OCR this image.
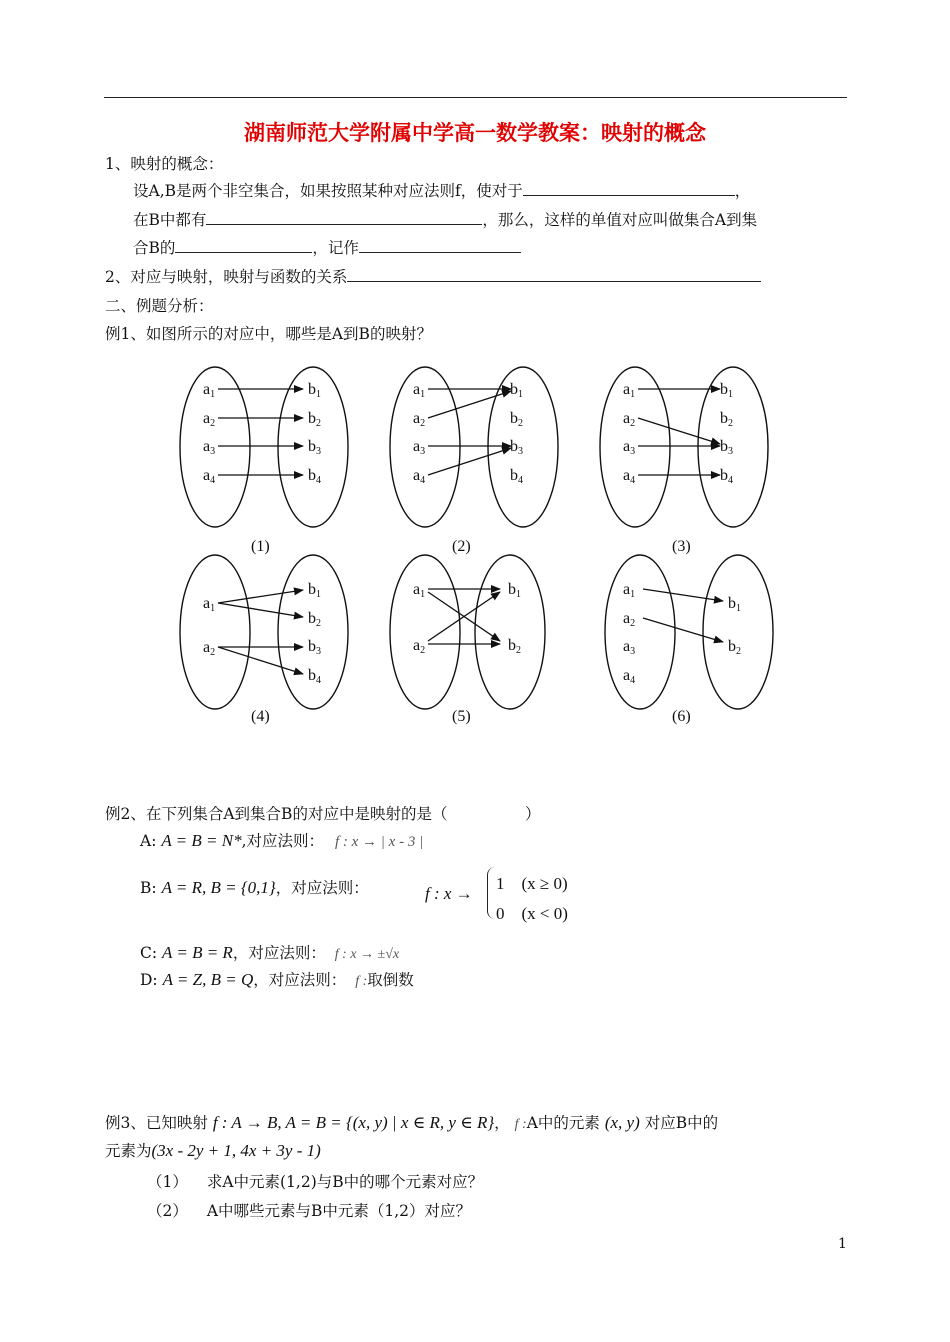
湖南师范大学附属中学高一数学教案：映射的概念
1、映射的概念：
设A,B是两个非空集合，如果按照某种对应法则f，使对于	，
在B中都有	，那么，这样的单值对应叫做集合A到集
合B的	，记作
2、对应与映射，映射与函数的关系
二、例题分析：
例1、如图所示的对应中，哪些是A到B的映射？
a1
a2
a3
a4
b1
b2
b3
b4
(1)
a1
a2
a3
a4
b1
b2
b3
b4
(2)
a1
a2
a3
a4
b1
b2
b3
b4
(3)
a1
a2
b1
b2
b3
b4
(4)
a1
a2
b1
b2
(5)
a1
a2
a3
a4
b1
b2
(6)
例2、在下列集合A到集合B的对应中是映射的是（　　　　　）
A: A = B = N*,对应法则： f : x → | x - 3 |
B: A = R, B = {0,1}，对应法则：	f : x →
1　(x ≥ 0)
0　(x < 0)
C: A = B = R，对应法则： f : x → ±√x
D: A = Z, B = Q，对应法则： f :取倒数
例3、已知映射 f : A → B, A = B = {(x, y) | x ∈ R, y ∈ R}， f :A中的元素 (x, y) 对应B中的
元素为(3x - 2y + 1, 4x + 3y - 1)
（1） 求A中元素(1,2)与B中的哪个元素对应？
（2） A中哪些元素与B中元素（1,2）对应？
1
